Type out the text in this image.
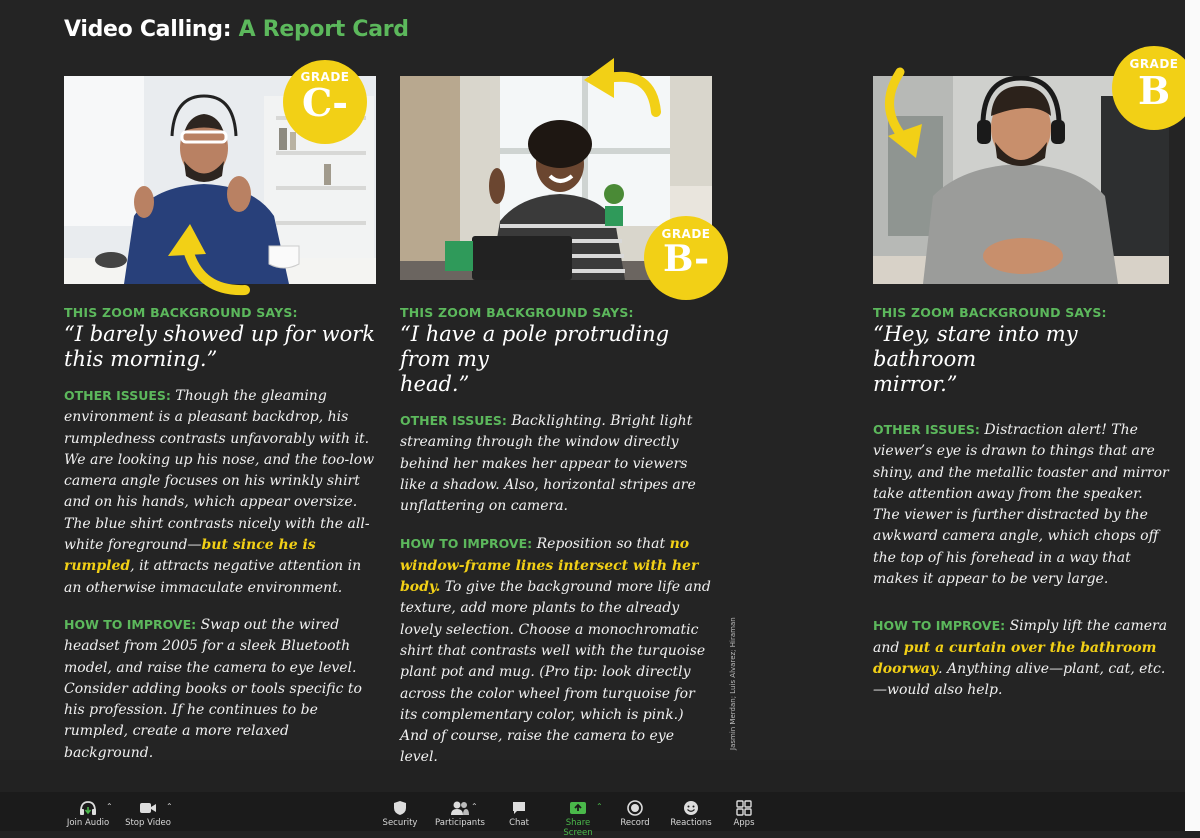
Video Calling: A Report Card
GRADE
C-
GRADE
B-
GRADE
B
THIS ZOOM BACKGROUND SAYS:
“I barely showed up for work
this morning.”
OTHER ISSUES: Though the gleaming environment is a pleasant backdrop, his rumpledness contrasts unfavorably with it. We are looking up his nose, and the too-low camera angle focuses on his wrinkly shirt and on his hands, which appear oversize. The blue shirt contrasts nicely with the all-white foreground—but since he is rumpled, it attracts negative attention in an otherwise immaculate environment.
HOW TO IMPROVE: Swap out the wired headset from 2005 for a sleek Bluetooth model, and raise the camera to eye level. Consider adding books or tools specific to his profession. If he continues to be rumpled, create a more relaxed background.
THIS ZOOM BACKGROUND SAYS:
“I have a pole protruding from my
head.”
OTHER ISSUES: Backlighting. Bright light streaming through the window directly behind her makes her appear to viewers like a shadow. Also, horizontal stripes are unflattering on camera.
HOW TO IMPROVE: Reposition so that no window-frame lines intersect with her body. To give the background more life and texture, add more plants to the already lovely selection. Choose a monochromatic shirt that contrasts well with the turquoise plant pot and mug. (Pro tip: look directly across the color wheel from turquoise for its complementary color, which is pink.) And of course, raise the camera to eye level.
THIS ZOOM BACKGROUND SAYS:
“Hey, stare into my bathroom
mirror.”
OTHER ISSUES: Distraction alert! The viewer’s eye is drawn to things that are shiny, and the metallic toaster and mirror take attention away from the speaker. The viewer is further distracted by the awkward camera angle, which chops off the top of his forehead in a way that makes it appear to be very large.
HOW TO IMPROVE: Simply lift the camera and put a curtain over the bathroom doorway. Anything alive—plant, cat, etc.—would also help.
Jasmin Merdan; Luis Alvarez; Hiraman
Join Audio
⌃
Stop Video
⌃
Security	Participants
⌃
Chat	Share Screen
⌃
Record	Reactions	Apps
